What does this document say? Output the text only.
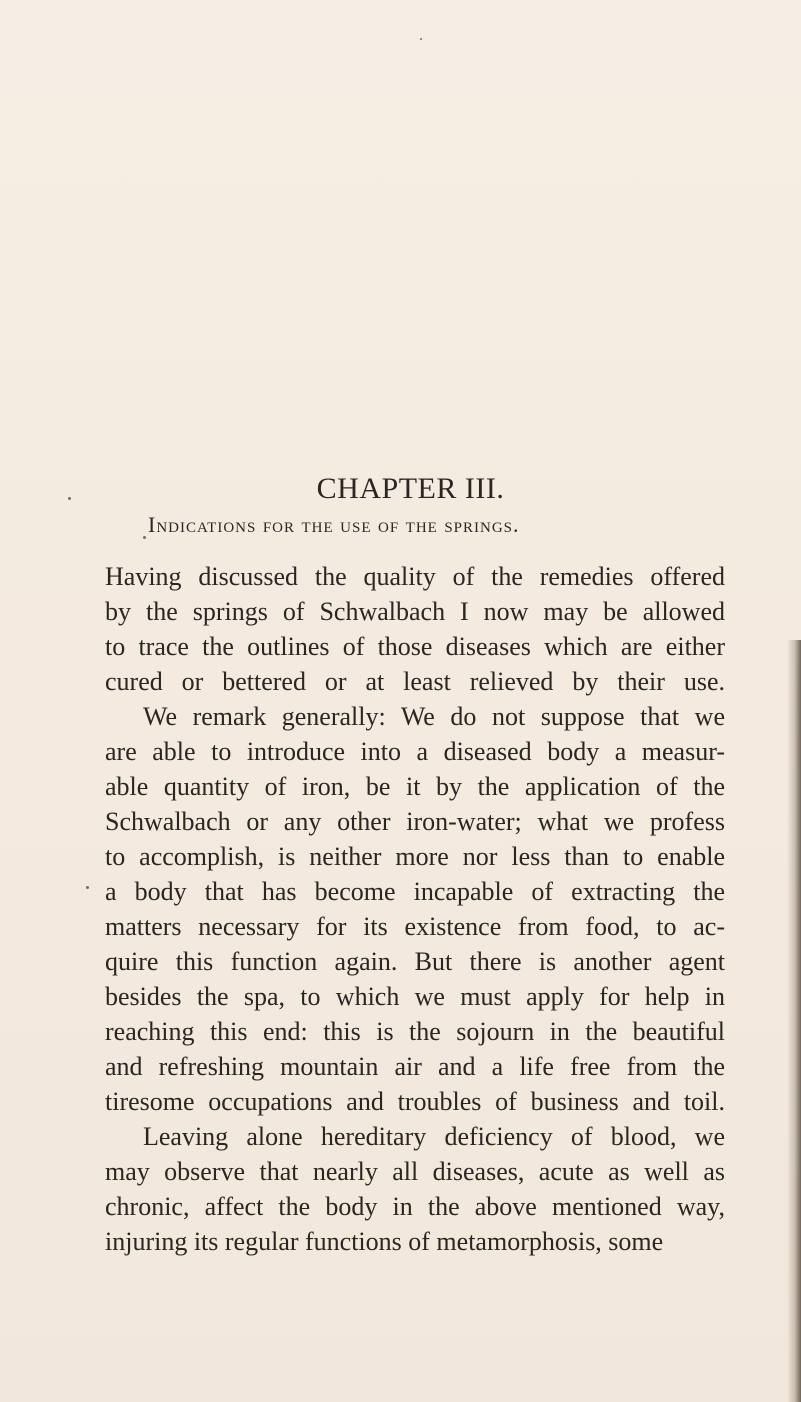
CHAPTER III.
Indications for the use of the springs.
Having discussed the quality of the remedies offered
by the springs of Schwalbach I now may be allowed
to trace the outlines of those diseases which are either
cured or bettered or at least relieved by their use.
We remark generally: We do not suppose that we
are able to introduce into a diseased body a measur-
able quantity of iron, be it by the application of the
Schwalbach or any other iron-water; what we profess
to accomplish, is neither more nor less than to enable
a body that has become incapable of extracting the
matters necessary for its existence from food, to ac-
quire this function again. But there is another agent
besides the spa, to which we must apply for help in
reaching this end: this is the sojourn in the beautiful
and refreshing mountain air and a life free from the
tiresome occupations and troubles of business and toil.
Leaving alone hereditary deficiency of blood, we
may observe that nearly all diseases, acute as well as
chronic, affect the body in the above mentioned way,
injuring its regular functions of metamorphosis, some
